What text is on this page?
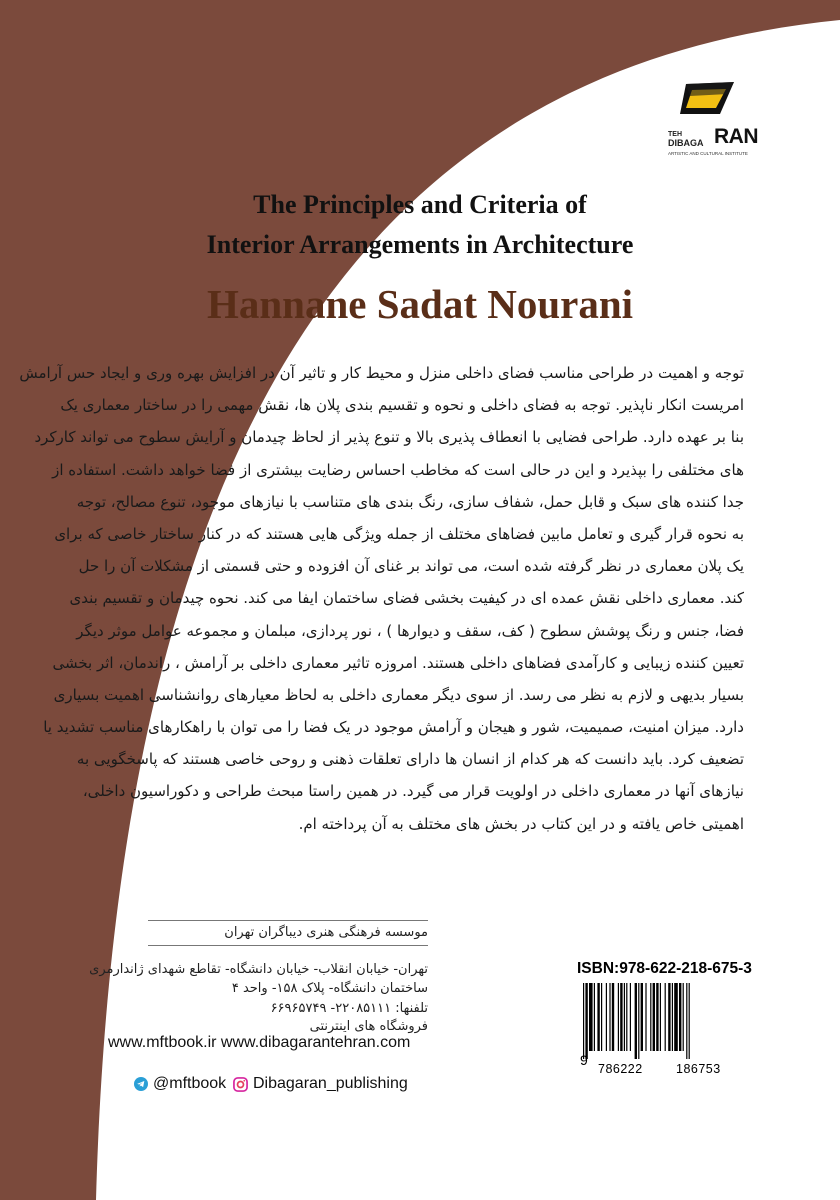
TEH
DIBAGA RAN
ARTISTIC AND CULTURAL INSTITUTE
The Principles and Criteria of
Interior Arrangements in Architecture
Hannane Sadat Nourani
توجه و اهمیت در طراحی مناسب فضای داخلی منزل و محیط کار و تاثیر آن در افزایش بهره وری و ایجاد حس آرامش
امریست انکار ناپذیر. توجه به فضای داخلی و نحوه و تقسیم بندی پلان ها، نقش مهمی را در ساختار معماری یک
بنا بر عهده دارد. طراحی فضایی با انعطاف پذیری بالا و تنوع پذیر از لحاظ چیدمان و آرایش سطوح می تواند کارکرد
های مختلفی را بپذیرد و این در حالی است که مخاطب احساس رضایت بیشتری از فضا خواهد داشت. استفاده از
جدا کننده های سبک و قابل حمل، شفاف سازی، رنگ بندی های متناسب با نیازهای موجود، تنوع مصالح، توجه
به نحوه قرار گیری و تعامل مابین فضاهای مختلف از جمله ویژگی هایی هستند که در کنار ساختار خاصی که برای
یک پلان معماری در نظر گرفته شده است، می تواند بر غنای آن افزوده و حتی قسمتی از مشکلات آن را حل
کند. معماری داخلی نقش عمده ای در کیفیت بخشی فضای ساختمان ایفا می کند. نحوه چیدمان و تقسیم بندی
فضا، جنس و رنگ پوشش سطوح ( کف، سقف و دیوارها ) ، نور پردازی، مبلمان و مجموعه عوامل موثر دیگر
تعیین کننده زیبایی و کارآمدی فضاهای داخلی هستند. امروزه تاثیر معماری داخلی بر آرامش ، راندمان، اثر بخشی
بسیار بدیهی و لازم به نظر می رسد. از سوی دیگر معماری داخلی به لحاظ معیارهای روانشناسی اهمیت بسیاری
دارد. میزان امنیت، صمیمیت، شور و هیجان و آرامش موجود در یک فضا را می توان با راهکارهای مناسب تشدید یا
تضعیف کرد. باید دانست که هر کدام از انسان ها دارای تعلقات ذهنی و روحی خاصی هستند که پاسخگویی به
نیازهای آنها در معماری داخلی در اولویت قرار می گیرد. در همین راستا مبحث طراحی و دکوراسیون داخلی،
اهمیتی خاص یافته و در این کتاب در بخش های مختلف به آن پرداخته ام.
موسسه فرهنگی هنری دیباگران تهران
تهران- خیابان انقلاب- خیابان دانشگاه- تقاطع شهدای ژاندارمری
ساختمان دانشگاه- پلاک ۱۵۸- واحد ۴
تلفنها: ۲۲۰۸۵۱۱۱- ۶۶۹۶۵۷۴۹
فروشگاه های اینترنتی
www.mftbook.ir www.dibagarantehran.com
@mftbook Dibagaran_publishing
ISBN:978-622-218-675-3
9
786222	186753
